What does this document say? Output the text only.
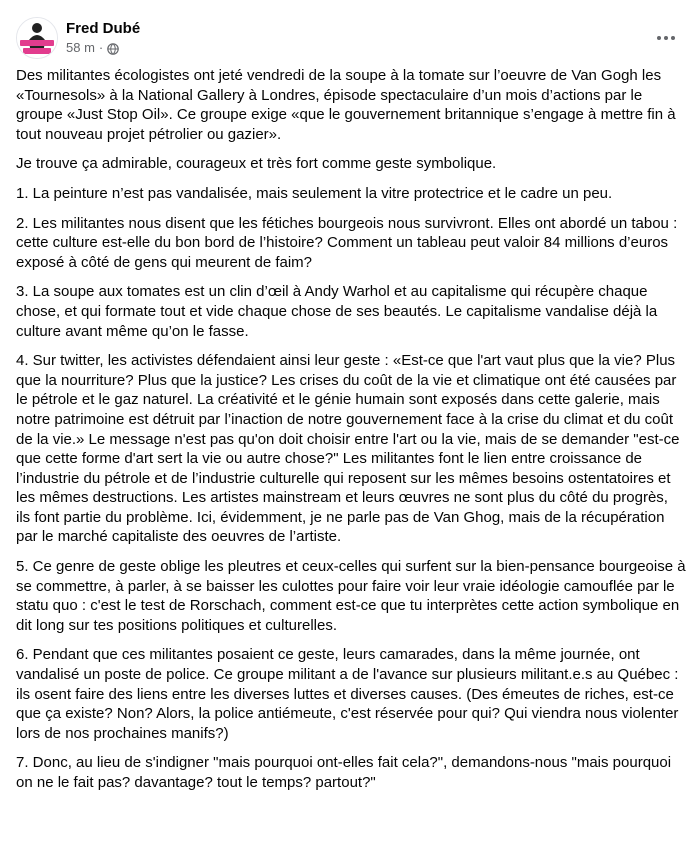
Fred Dubé
58 m ·

Des militantes écologistes ont jeté vendredi de la soupe à la tomate sur l’oeuvre de Van Gogh les «Tournesols» à la National Gallery à Londres, épisode spectaculaire d’un mois d’actions par le groupe «Just Stop Oil». Ce groupe exige «que le gouvernement britannique s’engage à mettre fin à tout nouveau projet pétrolier ou gazier».

Je trouve ça admirable, courageux et très fort comme geste symbolique.

1. La peinture n’est pas vandalisée, mais seulement la vitre protectrice et le cadre un peu.

2. Les militantes nous disent que les fétiches bourgeois nous survivront. Elles ont abordé un tabou : cette culture est-elle du bon bord de l’histoire? Comment un tableau peut valoir 84 millions d’euros exposé à côté de gens qui meurent de faim?

3. La soupe aux tomates est un clin d’œil à Andy Warhol et au capitalisme qui récupère chaque chose, et qui formate tout et vide chaque chose de ses beautés. Le capitalisme vandalise déjà la culture avant même qu’on le fasse.

4. Sur twitter, les activistes défendaient ainsi leur geste : «Est-ce que l'art vaut plus que la vie? Plus que la nourriture? Plus que la justice? Les crises du coût de la vie et climatique ont été causées par le pétrole et le gaz naturel. La créativité et le génie humain sont exposés dans cette galerie, mais notre patrimoine est détruit par l’inaction de notre gouvernement face à la crise du climat et du coût de la vie.» Le message n'est pas qu'on doit choisir entre l'art ou la vie, mais de se demander "est-ce que cette forme d'art sert la vie ou autre chose?" Les militantes font le lien entre croissance de l’industrie du pétrole et de l’industrie culturelle qui reposent sur les mêmes besoins ostentatoires et les mêmes destructions. Les artistes mainstream et leurs œuvres ne sont plus du côté du progrès, ils font partie du problème. Ici, évidemment, je ne parle pas de Van Ghog, mais de la récupération par le marché capitaliste des oeuvres de l’artiste.

5. Ce genre de geste oblige les pleutres et ceux-celles qui surfent sur la bien-pensance bourgeoise à se commettre, à parler, à se baisser les culottes pour faire voir leur vraie idéologie camouflée par le statu quo : c'est le test de Rorschach, comment est-ce que tu interprètes cette action symbolique en dit long sur tes positions politiques et culturelles.

6. Pendant que ces militantes posaient ce geste, leurs camarades, dans la même journée, ont vandalisé un poste de police. Ce groupe militant a de l'avance sur plusieurs militant.e.s au Québec : ils osent faire des liens entre les diverses luttes et diverses causes. (Des émeutes de riches, est-ce que ça existe? Non? Alors, la police antiémeute, c'est réservée pour qui? Qui viendra nous violenter lors de nos prochaines manifs?)

7. Donc, au lieu de s'indigner "mais pourquoi ont-elles fait cela?", demandons-nous "mais pourquoi on ne le fait pas? davantage? tout le temps? partout?"
